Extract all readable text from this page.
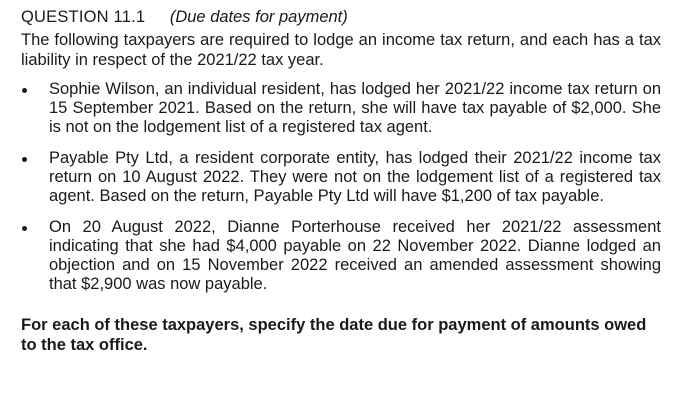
QUESTION 11.1 (Due dates for payment)

The following taxpayers are required to lodge an income tax return, and each has a tax liability in respect of the 2021/22 tax year.

Sophie Wilson, an individual resident, has lodged her 2021/22 income tax return on 15 September 2021. Based on the return, she will have tax payable of $2,000. She is not on the lodgement list of a registered tax agent.
Payable Pty Ltd, a resident corporate entity, has lodged their 2021/22 income tax return on 10 August 2022. They were not on the lodgement list of a registered tax agent. Based on the return, Payable Pty Ltd will have $1,200 of tax payable.
On 20 August 2022, Dianne Porterhouse received her 2021/22 assessment indicating that she had $4,000 payable on 22 November 2022. Dianne lodged an objection and on 15 November 2022 received an amended assessment showing that $2,900 was now payable.

For each of these taxpayers, specify the date due for payment of amounts owed to the tax office.
